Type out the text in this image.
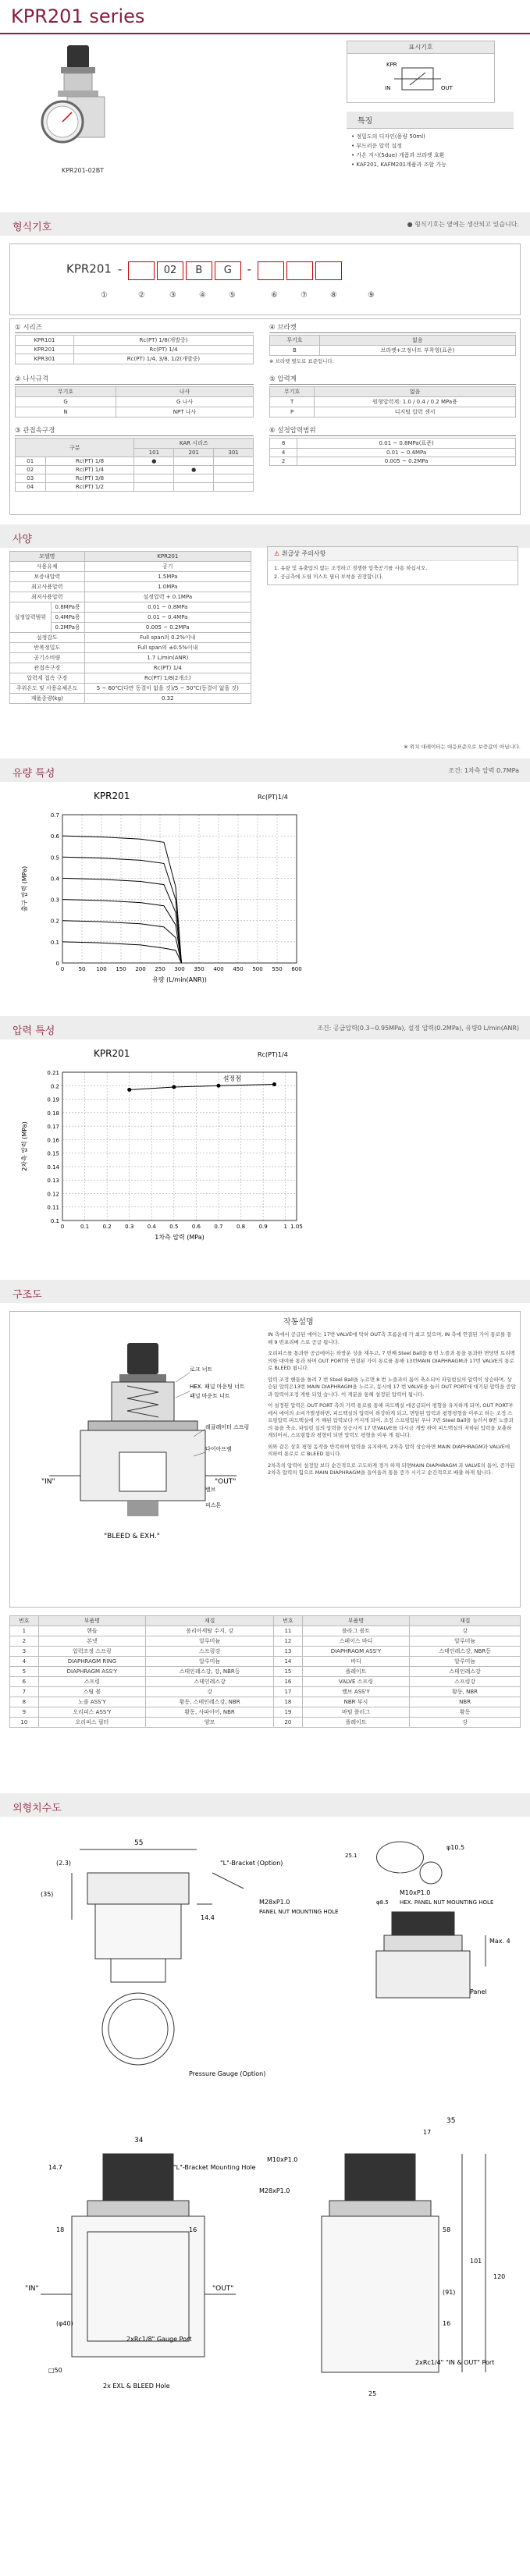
KPR201 series
KPR201-02BT
표시기호
KPR
IN	OUT
특징
• 정밀도의 디자인(용량 50ml)
• 부드러운 압력 설정
• 가온 지시(5due) 게폼과 브라켓 호환
• KAF201, KAFM201계품과 조합 가능
형식기호	● 형식기호는 옆에는 생산되고 있습니다.
KPR201 -	02 B G -
①	②	③	④	⑤	⑥	⑦	⑧	⑨
① 시리즈
KPR101	Rc(PT) 1/8(개발중)
KPR201	Rc(PT) 1/4
KPR301	Rc(PT) 1/4, 3/8, 1/2(개발중)
④ 브라켓
무기호	없음
B	브라켓+고정너트 부착형(표준)
※ 브라켓 별도로 표준입니다.
② 나사규격
무기호	나사
G	G 나사
N	NPT 나사
⑤ 압력계
무기호	없음
T	원형압력계: 1.0 / 0.4 / 0.2 MPa용
P	디지털 압력 센서
③ 관접속구경
구분		KAR 시리즈		
		101	201	301
01	Rc(PT) 1/8	●		
02	Rc(PT) 1/4		●	
03	Rc(PT) 3/8			
04	Rc(PT) 1/2			
⑥ 설정압력범위
8	0.01 ~ 0.8MPa(표준)
4	0.01 ~ 0.4MPa
2	0.005 ~ 0.2MPa
사양
모델명		KPR201
사용유체		공기
보증내압력		1.5MPa
최고사용압력		1.0MPa
최저사용압력		설정압력 + 0.1MPa
설정압력범위	0.8MPa용	0.01 ~ 0.8MPa
	0.4MPa용	0.01 ~ 0.4MPa
	0.2MPa용	0.005 ~ 0.2MPa
설정감도		Full span의 0.2%이내
반복정밀도		Full span의 ±0.5%이내
공기소비량		1.7 L/min(ANR)
관접속구경		Rc(PT) 1/4
압력계 접속 구경		Rc(PT) 1/8(2개소)
주위온도 및 사용유체온도		5 ~ 60℃(다만 동결이 없을 것)/5 ~ 50℃(동결이 없을 것)
제품중량(kg)		0.32
⚠ 취급상 주의사항
1. 유량 및 유출압의 없는 조정하고 경쟁한 압축공기를 사용 하십시오.
2. 공급측에 드릴 미스트 필터 부착을 권장합니다.
※ 위치 대레이터는 대응표준으로 보증값이 아닙니다.
유량 특성	조건: 1차측 압력 0.7MPa
KPR201	Rc(PT)1/4
0
0.1
0.2
0.3
0.4
0.5
0.6
0.7
0	50 100 150 200 250 300 350 400 450 500 550 600
유량 (L/min(ANR))
출구 압력 (MPa)
압력 특성	조건: 공급압력(0.3~0.95MPa), 설정 압력(0.2MPa), 유량0 L/min(ANR)
KPR201	Rc(PT)1/4
0.1
0.11
0.12
0.13
0.14
0.15
0.16
0.17
0.18
0.19
0.2
0.21
0	0.1 0.2 0.3 0.4 0.5 0.6 0.7 0.8 0.9	1 1.05
1차측 압력 (MPa)
2차측 압력 (MPa)
설정점
구조도
로크 너트
HEX. 패널 마운팅 너트
패널 마운트 너트
레귤레이터 스프링
다이아프램
밸브
피스톤
"IN"	"OUT"
"BLEED & EXH."
작동설명

IN 측에서 공급된 에어는 17번 VALVE에 막혀 OUT측 흐름운데 가 최고 있으며, IN 측에 연결된 가이 통로를 통해 9 번포리베 스로 공급 됩니다.

오리피스를 통과한 공급에어는 하방운 상을 재우고, 7 번째 Steel Ball을 8 번 노즐과 통을 통과한 면당면 토리백 의한 대여를 통과 하며 OUT PORT와 연결된 가이 통로를 통해 13번MAIN DIAPHRAGM과 17번 VALVE의 통로로 BLEED 됩니다.

압력 조정 핸들을 돌려 7 번 Steel Ball을 누르면 8 번 노즐과의 틈이 축소되어 파일럿실의 압력이 상승하며, 상승된 압력은13번 MAIN DIAPHRAGM을 누르고, 동시에 17 번 VALVE을 눌러 OUT PORT에 대기된 압력을 증압과 압력이조정 게한 되었 습니다. 이 게분을 통해 설정된 압력이 됩니다.

이 설정된 압력은 OUT PORT 측의 가력 통로를 통해 피드백실 에공급되어 평형을 유지하게 되며, OUT PORT부에서 에어의 소비가발생하면, 피드백실의 압력이 하강하게 되고, 면담된 압력과 평형평형을 이루고 하는 조정 스프링압력 피드백실에 커 해된 압력보다 커지게 되어, 조정 스프링함된 우나 7번 Steel Ball을 눌러서 8번 노즐과의 틈을 축소, 파일럿 실의 압력을 상승시켜 17 번VALVE를 다시금 개방 하여 피드백실의 저하된 압력을 보충하게되어서, 스프링함과 평형이 되면 압력도 평형을 이루 게 됩니다.

외와 같은 상호 평형 동작을 반복하며 압력을 유지하며, 2차측 압력 상승하면 MAIN DIAPHRAGM과 VALVE에 의하여 통로로 로 BLEED 됩니다.

2차측의 압력이 설정압 보다 순간적으로 고도하게 경가 하게 되면MAIN DIAPHRAGM 과 VALVE의 틈이, 증가된 2차측 압력의 힘으로 MAIN DIAPHRAGM을 들어올려 통을 증가 시키고 순간적으로 배출 하게 됩니다.

번호	부품명	재질	번호	부품명	재질
1	핸들	폴리아세탈 수지, 강	11	플라그 볼트	강
2	본넷	알루미늄	12	스페이스 바디	알루미늄
3	압력조정 스프링	스프링강	13	DIAPHRAGM ASS'Y	스테인레스강, NBR등
4	DIAPHRAGM RING	알루미늄	14	바디	알루미늄
5	DIAPHRAGM ASS'Y	스테인레스강, 강, NBR등	15	플레이트	스테인레스강
6	스프링	스테인레스강	16	VALVE 스프링	스프링강
7	스틸 볼	강	17	밸브 ASS'Y	황동, NBR
8	노즐 ASS'Y	황동, 스테인레스강, NBR	18	NBR 부시	NBR
9	오리피스 ASS'Y	황동, 사파이어, NBR	19	바텀 플러그	황동
10	오리피스 필터	양모	20	플레이트	강
외형치수도
55
(2.3)
(35)
"L"-Bracket (Option)
14.4
M28xP1.0
PANEL NUT MOUNTING HOLE
Pressure Gauge (Option)
25.1
φ8.5
φ10.5
M10xP1.0
HEX. PANEL NUT MOUNTING HOLE
Max. 4
Panel
34
14.7	"L"-Bracket Mounting Hole
18	16
"IN"	"OUT"
2xRc1/8" Gauge Port
□50
(φ40)
2x EXL & BLEED Hole
35
17
M10xP1.0
M28xP1.0
58
101
120
(91)
16
2xRc1/4" "IN & OUT" Port
25
